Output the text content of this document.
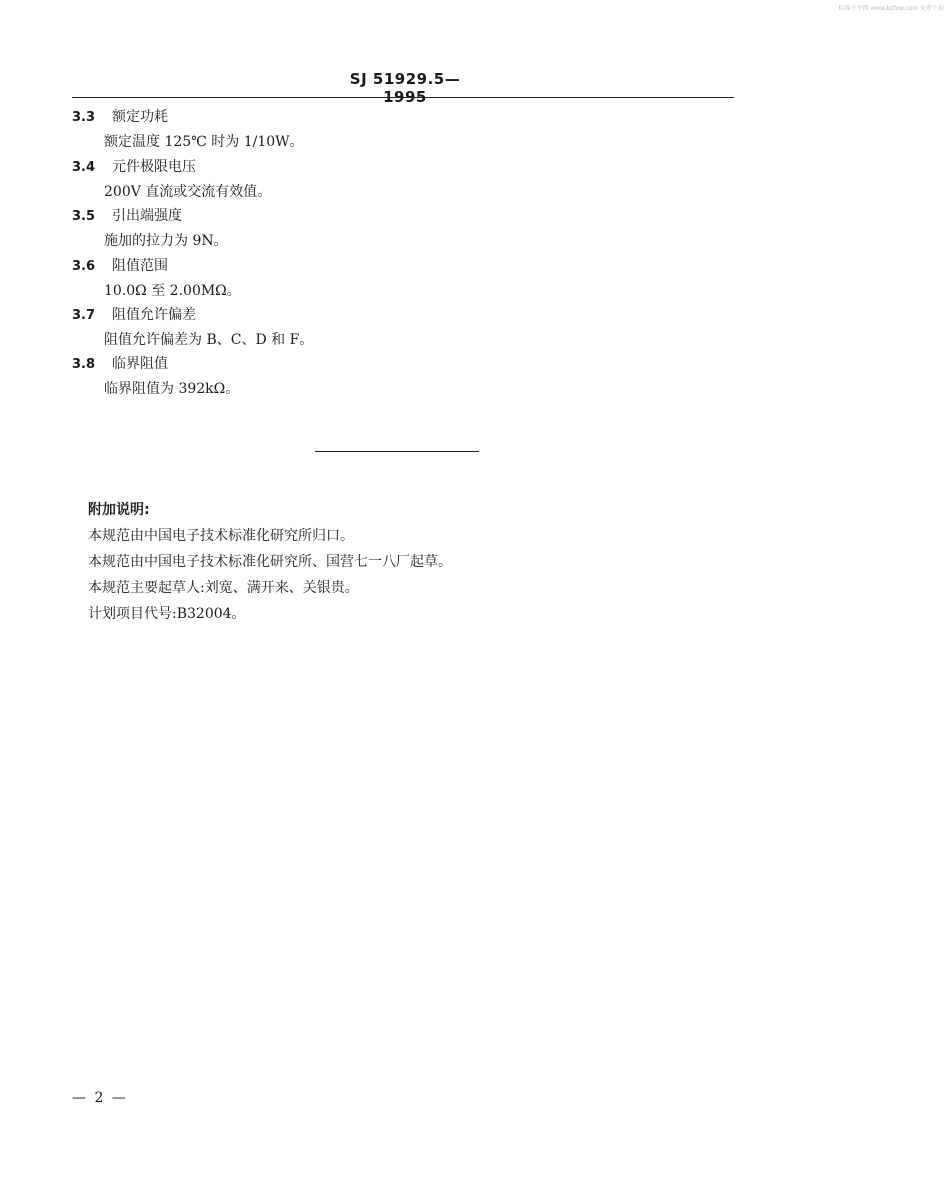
标准分享网 www.bzfxw.com 免费下载
SJ 51929.5—1995
3.3 额定功耗
额定温度 125℃ 时为 1/10W。
3.4 元件极限电压
200V 直流或交流有效值。
3.5 引出端强度
施加的拉力为 9N。
3.6 阻值范围
10.0Ω 至 2.00MΩ。
3.7 阻值允许偏差
阻值允许偏差为 B、C、D 和 F。
3.8 临界阻值
临界阻值为 392kΩ。
附加说明:
本规范由中国电子技术标准化研究所归口。
本规范由中国电子技术标准化研究所、国营七一八厂起草。
本规范主要起草人:刘宽、满开来、关银贵。
计划项目代号:B32004。
— 2 —
